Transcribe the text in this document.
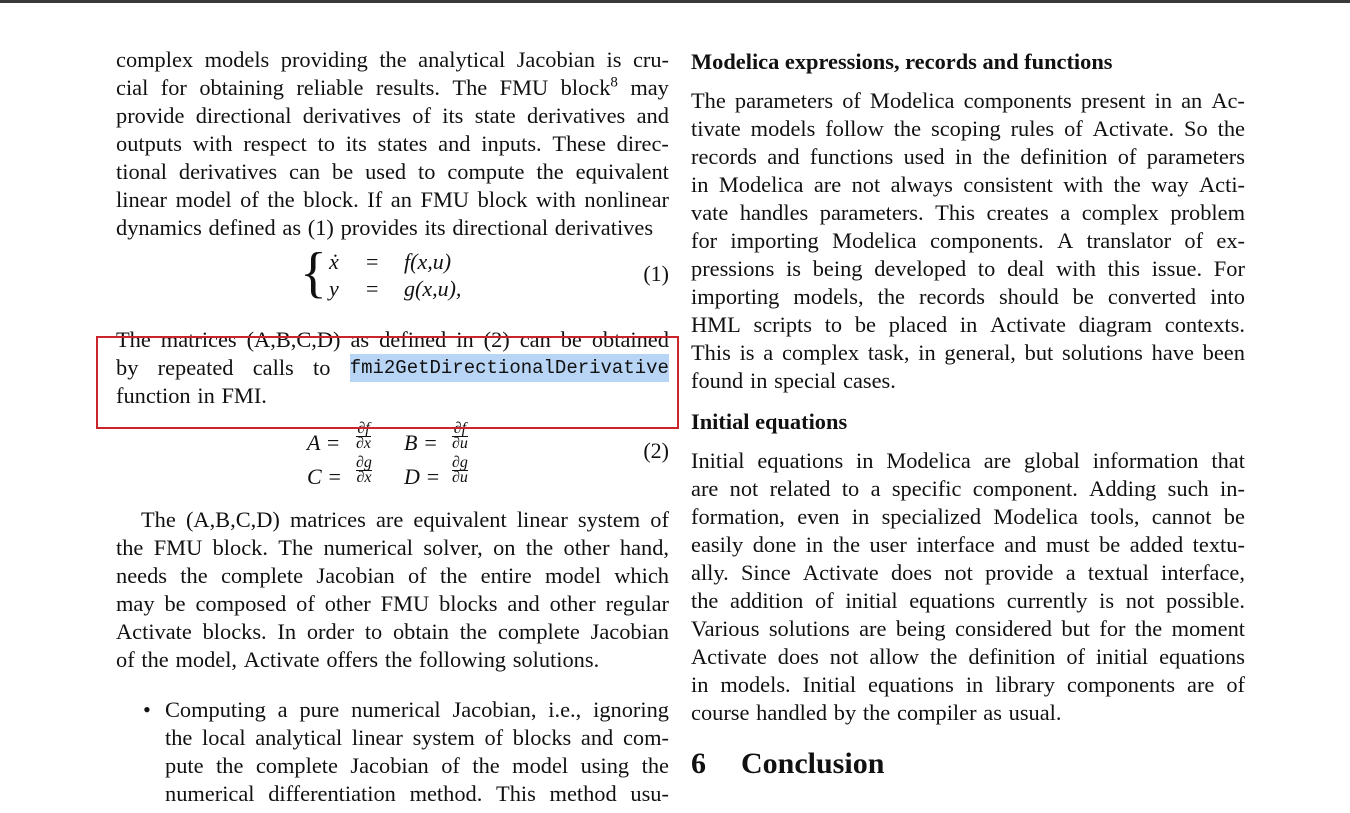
complex models providing the analytical Jacobian is cru-
cial for obtaining reliable results. The FMU block$^8$ may
provide directional derivatives of its state derivatives and
outputs with respect to its states and inputs. These direc-
tional derivatives can be used to compute the equivalent
linear model of the block. If an FMU block with nonlinear
dynamics defined as (1) provides its directional derivatives
{ ẋ = f(x,u)
y = g(x,u),
(1)
The matrices (A,B,C,D) as defined in (2) can be obtained
by repeated calls to fmi2GetDirectionalDerivative
function in FMI.
A =
∂f
∂x B =
∂f
∂u
C =
∂g
∂x D =
∂g
∂u
(2)
The (A,B,C,D) matrices are equivalent linear system of
the FMU block. The numerical solver, on the other hand,
needs the complete Jacobian of the entire model which
may be composed of other FMU blocks and other regular
Activate blocks. In order to obtain the complete Jacobian
of the model, Activate offers the following solutions.
• Computing a pure numerical Jacobian, i.e., ignoring
the local analytical linear system of blocks and com-
pute the complete Jacobian of the model using the
numerical differentiation method. This method usu-
Modelica expressions, records and functions
The parameters of Modelica components present in an Ac-
tivate models follow the scoping rules of Activate. So the
records and functions used in the definition of parameters
in Modelica are not always consistent with the way Acti-
vate handles parameters. This creates a complex problem
for importing Modelica components. A translator of ex-
pressions is being developed to deal with this issue. For
importing models, the records should be converted into
HML scripts to be placed in Activate diagram contexts.
This is a complex task, in general, but solutions have been
found in special cases.
Initial equations
Initial equations in Modelica are global information that
are not related to a specific component. Adding such in-
formation, even in specialized Modelica tools, cannot be
easily done in the user interface and must be added textu-
ally. Since Activate does not provide a textual interface,
the addition of initial equations currently is not possible.
Various solutions are being considered but for the moment
Activate does not allow the definition of initial equations
in models. Initial equations in library components are of
course handled by the compiler as usual.
6 Conclusion
